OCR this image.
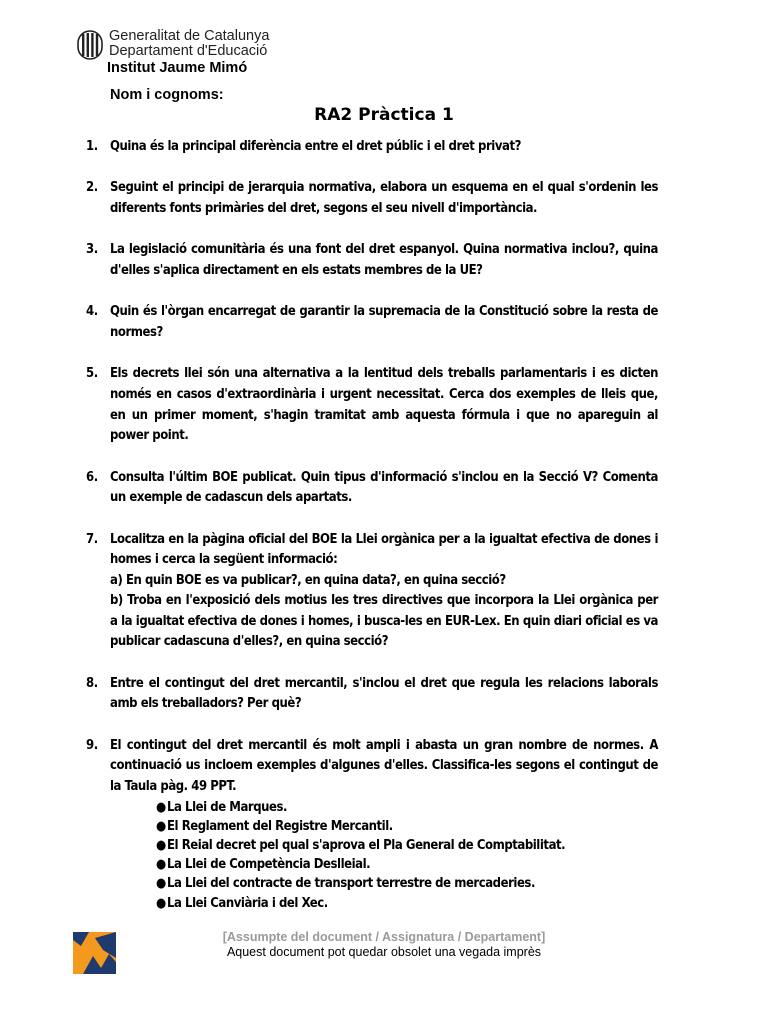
Generalitat de Catalunya
Departament d'Educació
Institut Jaume Mimó
Nom i cognoms:
RA2 Pràctica 1
1. Quina és la principal diferència entre el dret públic i el dret privat?
2. Seguint el principi de jerarquia normativa, elabora un esquema en el qual s'ordenin les diferents fonts primàries del dret, segons el seu nivell d'importància.
3. La legislació comunitària és una font del dret espanyol. Quina normativa inclou?, quina d'elles s'aplica directament en els estats membres de la UE?
4. Quin és l'òrgan encarregat de garantir la supremacia de la Constitució sobre la resta de normes?
5. Els decrets llei són una alternativa a la lentitud dels treballs parlamentaris i es dicten només en casos d'extraordinària i urgent necessitat. Cerca dos exemples de lleis que, en un primer moment, s'hagin tramitat amb aquesta fórmula i que no apareguin al power point.
6. Consulta l'últim BOE publicat. Quin tipus d'informació s'inclou en la Secció V? Comenta un exemple de cadascun dels apartats.
7. Localitza en la pàgina oficial del BOE la Llei orgànica per a la igualtat efectiva de dones i homes i cerca la següent informació:
a) En quin BOE es va publicar?, en quina data?, en quina secció?
b) Troba en l'exposició dels motius les tres directives que incorpora la Llei orgànica per a la igualtat efectiva de dones i homes, i busca-les en EUR-Lex. En quin diari oficial es va publicar cadascuna d'elles?, en quina secció?
8. Entre el contingut del dret mercantil, s'inclou el dret que regula les relacions laborals amb els treballadors? Per què?
9. El contingut del dret mercantil és molt ampli i abasta un gran nombre de normes. A continuació us incloem exemples d'algunes d'elles. Classifica-les segons el contingut de la Taula pàg. 49 PPT.
●La Llei de Marques.
●El Reglament del Registre Mercantil.
●El Reial decret pel qual s'aprova el Pla General de Comptabilitat.
●La Llei de Competència Deslleial.
●La Llei del contracte de transport terrestre de mercaderies.
●La Llei Canviària i del Xec.
[Assumpte del document / Assignatura / Departament]
Aquest document pot quedar obsolet una vegada imprès
